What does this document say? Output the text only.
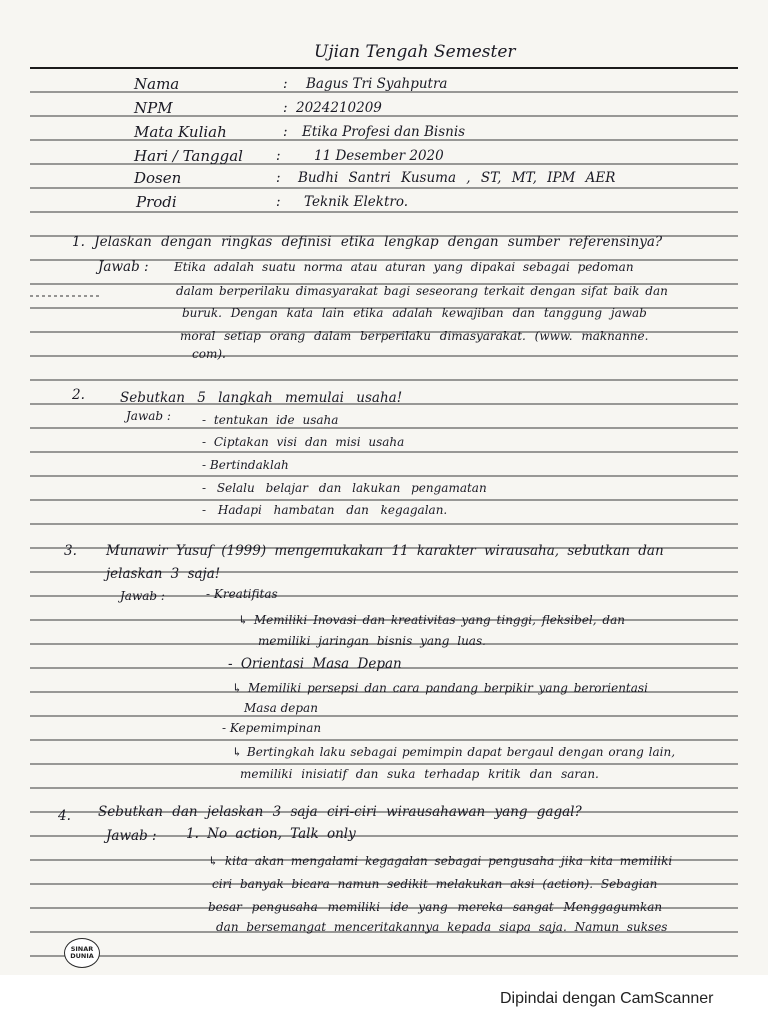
Ujian Tengah Semester
Nama	: Bagus Tri Syahputra
NPM	: 2024210209
Mata Kuliah	: Etika Profesi dan Bisnis
Hari / Tanggal : 11 Desember 2020
Dosen	: Budhi Santri Kusuma , ST, MT, IPM AER
Prodi	: Teknik Elektro.
1. Jelaskan dengan ringkas definisi etika lengkap dengan sumber referensinya?
Jawab : Etika adalah suatu norma atau aturan yang dipakai sebagai pedoman
dalam berperilaku dimasyarakat bagi seseorang terkait dengan sifat baik dan
buruk. Dengan kata lain etika adalah kewajiban dan tanggung jawab
moral setiap orang dalam berperilaku dimasyarakat. (www. maknanne.
com).
2.	Sebutkan 5 langkah memulai usaha!
Jawab :	- tentukan ide usaha
- Ciptakan visi dan misi usaha
- Bertindaklah
- Selalu belajar dan lakukan pengamatan
- Hadapi hambatan dan kegagalan.
3. Munawir Yusuf (1999) mengemukakan 11 karakter wirausaha, sebutkan dan
jelaskan 3 saja!
Jawab :	- Kreatifitas
↳ Memiliki Inovasi dan kreativitas yang tinggi, fleksibel, dan
memiliki jaringan bisnis yang luas.
- Orientasi Masa Depan
↳ Memiliki persepsi dan cara pandang berpikir yang berorientasi
Masa depan
- Kepemimpinan
↳ Bertingkah laku sebagai pemimpin dapat bergaul dengan orang lain,
memiliki inisiatif dan suka terhadap kritik dan saran.
4. Sebutkan dan jelaskan 3 saja ciri-ciri wirausahawan yang gagal?
Jawab : 1. No action, Talk only
↳ kita akan mengalami kegagalan sebagai pengusaha jika kita memiliki
ciri banyak bicara namun sedikit melakukan aksi (action). Sebagian
besar pengusaha memiliki ide yang mereka sangat Menggagumkan
dan bersemangat menceritakannya kepada siapa saja. Namun sukses
SINAR
DUNIA
Dipindai dengan CamScanner
